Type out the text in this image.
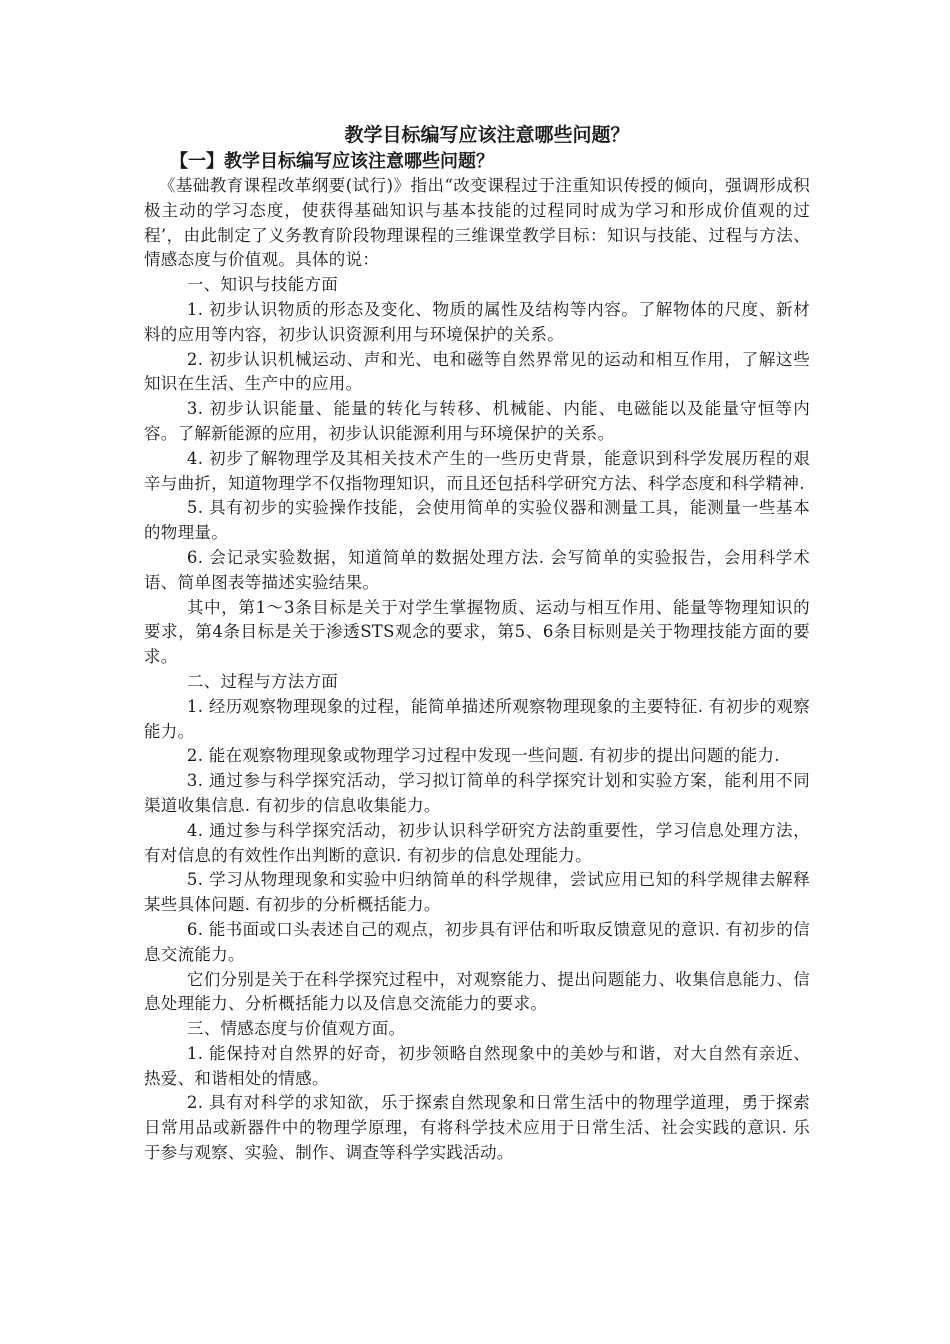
教学目标编写应该注意哪些问题？

【一】教学目标编写应该注意哪些问题？

《基础教育课程改革纲要(试行)》指出“改变课程过于注重知识传授的倾向，强调形成积极主动的学习态度，使获得基础知识与基本技能的过程同时成为学习和形成价值观的过程’，由此制定了义务教育阶段物理课程的三维课堂教学目标：知识与技能、过程与方法、情感态度与价值观。具体的说：

一、知识与技能方面

1. 初步认识物质的形态及变化、物质的属性及结构等内容。了解物体的尺度、新材料的应用等内容，初步认识资源利用与环境保护的关系。

2. 初步认识机械运动、声和光、电和磁等自然界常见的运动和相互作用，了解这些知识在生活、生产中的应用。

3. 初步认识能量、能量的转化与转移、机械能、内能、电磁能以及能量守恒等内容。了解新能源的应用，初步认识能源利用与环境保护的关系。

4. 初步了解物理学及其相关技术产生的一些历史背景，能意识到科学发展历程的艰辛与曲折，知道物理学不仅指物理知识，而且还包括科学研究方法、科学态度和科学精神.

5. 具有初步的实验操作技能，会使用简单的实验仪器和测量工具，能测量一些基本的物理量。

6. 会记录实验数据，知道简单的数据处理方法. 会写简单的实验报告，会用科学术语、简单图表等描述实验结果。

其中，第1～3条目标是关于对学生掌握物质、运动与相互作用、能量等物理知识的要求，第4条目标是关于渗透STS观念的要求，第5、6条目标则是关于物理技能方面的要求。

二、过程与方法方面

1. 经历观察物理现象的过程，能简单描述所观察物理现象的主要特征. 有初步的观察能力。

2. 能在观察物理现象或物理学习过程中发现一些问题. 有初步的提出问题的能力.

3. 通过参与科学探究活动，学习拟订简单的科学探究计划和实验方案，能利用不同渠道收集信息. 有初步的信息收集能力。

4. 通过参与科学探究活动，初步认识科学研究方法韵重要性，学习信息处理方法，有对信息的有效性作出判断的意识. 有初步的信息处理能力。

5. 学习从物理现象和实验中归纳简单的科学规律，尝试应用已知的科学规律去解释某些具体问题. 有初步的分析概括能力。

6. 能书面或口头表述自己的观点，初步具有评估和听取反馈意见的意识. 有初步的信息交流能力。

它们分别是关于在科学探究过程中，对观察能力、提出问题能力、收集信息能力、信息处理能力、分析概括能力以及信息交流能力的要求。

三、情感态度与价值观方面。

1. 能保持对自然界的好奇，初步领略自然现象中的美妙与和谐，对大自然有亲近、热爱、和谐相处的情感。

2. 具有对科学的求知欲，乐于探索自然现象和日常生活中的物理学道理，勇于探索日常用品或新器件中的物理学原理，有将科学技术应用于日常生活、社会实践的意识. 乐于参与观察、实验、制作、调查等科学实践活动。
